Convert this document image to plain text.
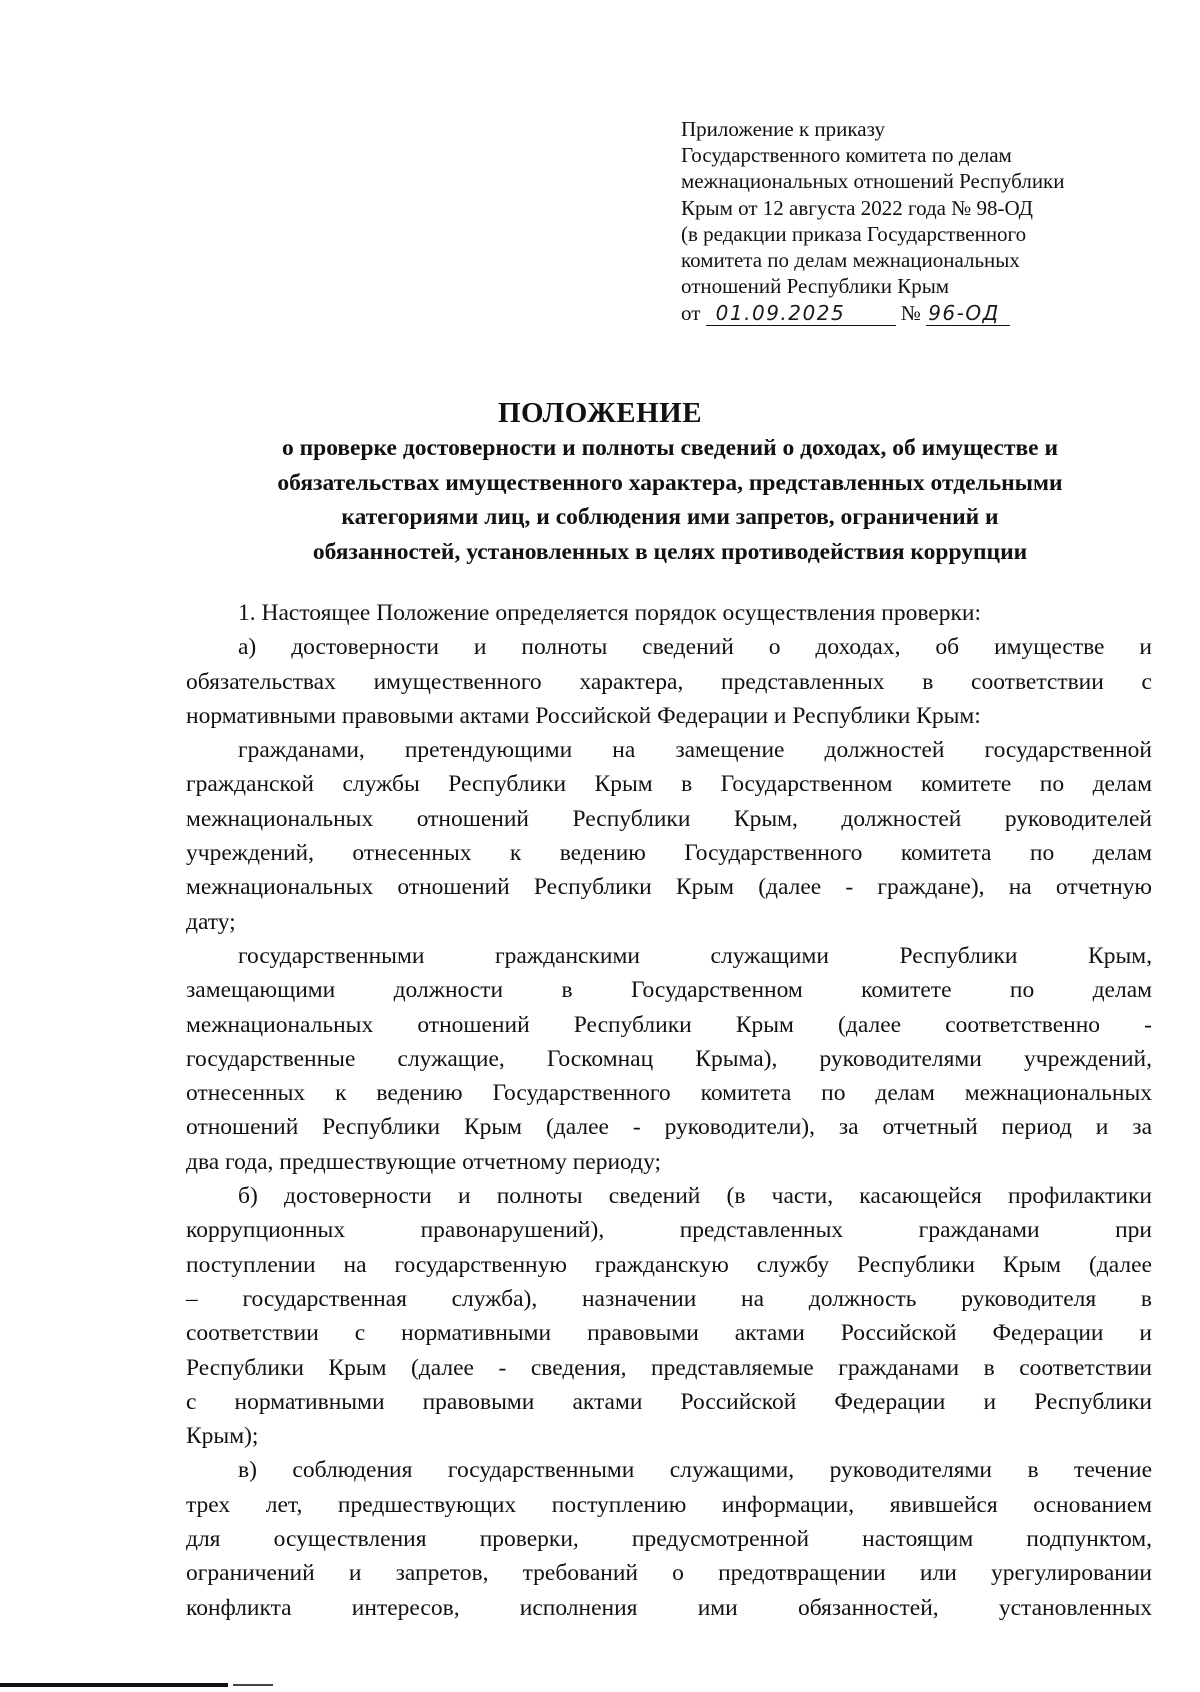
Приложение к приказу
Государственного комитета по делам
межнациональных отношений Республики
Крым от 12 августа 2022 года № 98-ОД
(в редакции приказа Государственного
комитета по делам межнациональных
отношений Республики Крым
от 01.09.2025	№ 96-ОД
ПОЛОЖЕНИЕ
о проверке достоверности и полноты сведений о доходах, об имуществе и
обязательствах имущественного характера, представленных отдельными
категориями лиц, и соблюдения ими запретов, ограничений и
обязанностей, установленных в целях противодействия коррупции
1. Настоящее Положение определяется порядок осуществления проверки:
а) достоверности и полноты сведений о доходах, об имуществе и
обязательствах имущественного характера, представленных в соответствии с
нормативными правовыми актами Российской Федерации и Республики Крым:
гражданами, претендующими на замещение должностей государственной
гражданской службы Республики Крым в Государственном комитете по делам
межнациональных отношений Республики Крым, должностей руководителей
учреждений, отнесенных к ведению Государственного комитета по делам
межнациональных отношений Республики Крым (далее - граждане), на отчетную
дату;
государственными гражданскими служащими Республики Крым,
замещающими должности в Государственном комитете по делам
межнациональных отношений Республики Крым (далее соответственно -
государственные служащие, Госкомнац Крыма), руководителями учреждений,
отнесенных к ведению Государственного комитета по делам межнациональных
отношений Республики Крым (далее - руководители), за отчетный период и за
два года, предшествующие отчетному периоду;
б) достоверности и полноты сведений (в части, касающейся профилактики
коррупционных правонарушений), представленных гражданами при
поступлении на государственную гражданскую службу Республики Крым (далее
– государственная служба), назначении на должность руководителя в
соответствии с нормативными правовыми актами Российской Федерации и
Республики Крым (далее - сведения, представляемые гражданами в соответствии
с нормативными правовыми актами Российской Федерации и Республики
Крым);
в) соблюдения государственными служащими, руководителями в течение
трех лет, предшествующих поступлению информации, явившейся основанием
для осуществления проверки, предусмотренной настоящим подпунктом,
ограничений и запретов, требований о предотвращении или урегулировании
конфликта интересов, исполнения ими обязанностей, установленных
